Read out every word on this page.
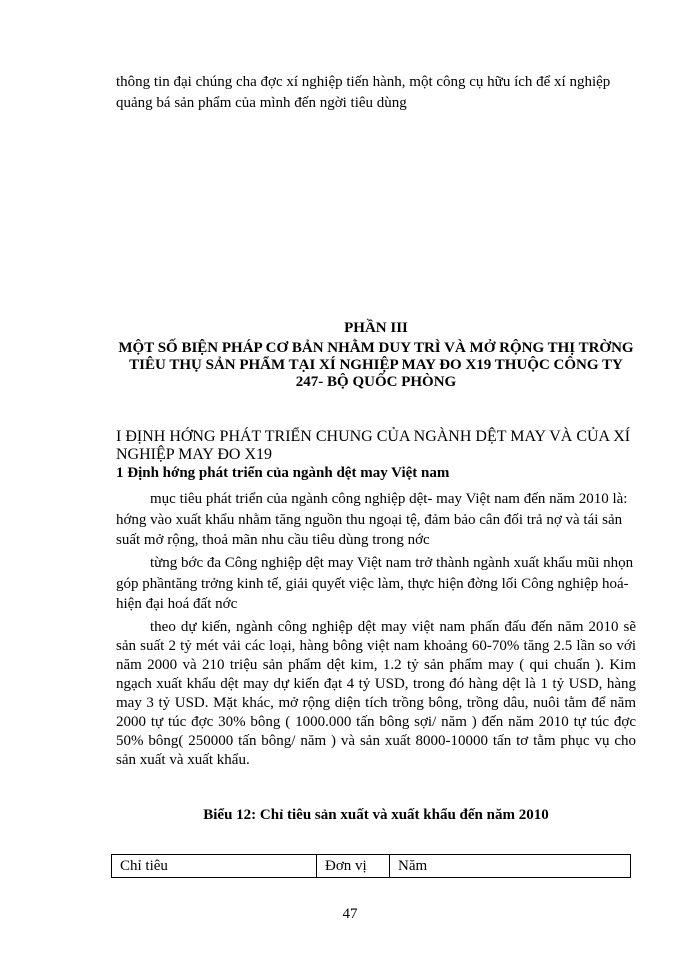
thông tin đại chúng cha đợc xí nghiệp tiến hành, một công cụ hữu ích để xí nghiệp quảng bá sản phẩm của mình đến ngời tiêu dùng

PHẦN III
MỘT SỐ BIỆN PHÁP CƠ BẢN NHẰM DUY TRÌ VÀ MỞ RỘNG THỊ TRỜNG TIÊU THỤ SẢN PHẨM TẠI XÍ NGHIỆP MAY ĐO X19 THUỘC CÔNG TY 247- BỘ QUỐC PHÒNG
I ĐỊNH HỚNG PHÁT TRIỂN CHUNG CỦA NGÀNH DỆT MAY VÀ CỦA XÍ NGHIỆP MAY ĐO X19
1 Định hớng phát triển của ngành dệt may Việt nam

mục tiêu phát triển của ngành công nghiệp dệt- may Việt nam đến năm 2010 là: hớng vào xuất khẩu nhằm tăng nguồn thu ngoại tệ, đảm bảo cân đối trả nợ và tái sản suất mở rộng, thoả mãn nhu cầu tiêu dùng trong nớc

từng bớc đa Công nghiệp dệt may Việt nam trở thành ngành xuất khẩu mũi nhọn góp phầntăng trởng kinh tế, giải quyết việc làm, thực hiện đờng lối Công nghiệp hoá- hiện đại hoá đất nớc

theo dự kiến, ngành công nghiệp dệt may việt nam phấn đấu đến năm 2010 sẽ sản suất 2 tỷ mét vải các loại, hàng bông việt nam khoảng 60-70% tăng 2.5 lần so với năm 2000 và 210 triệu sản phẩm dệt kim, 1.2 tỷ sản phẩm may ( qui chuẩn ). Kim ngạch xuất khẩu dệt may dự kiến đạt 4 tỷ USD, trong đó hàng dệt là 1 tỷ USD, hàng may 3 tỷ USD. Mặt khác, mở rộng diện tích trồng bông, trồng dâu, nuôi tằm để năm 2000 tự túc đợc 30% bông ( 1000.000 tấn bông sợi/ năm ) đến năm 2010 tự túc đợc 50% bông( 250000 tấn bông/ năm ) và sản xuất 8000-10000 tấn tơ tằm phục vụ cho sản xuất và xuất khẩu.

Biểu 12: Chỉ tiêu sản xuất và xuất khẩu đến năm 2010
Chỉ tiêu	Đơn vị	Năm
47
